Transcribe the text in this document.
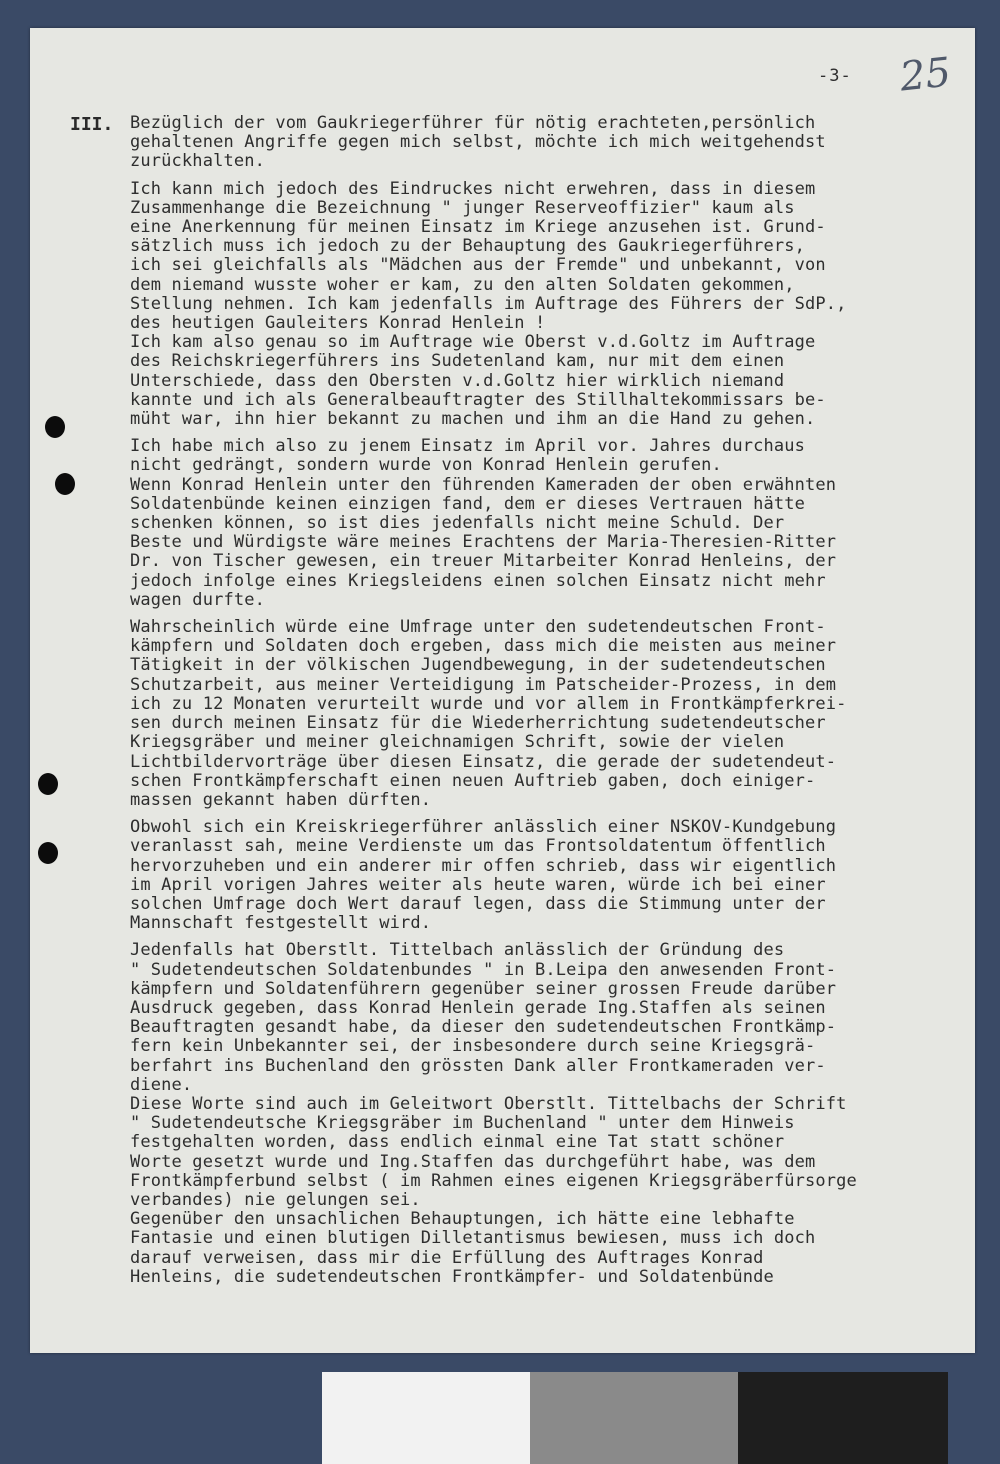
-3- 25
III. Bezüglich der vom Gaukriegerführer für nötig erachteten,persönlich
gehaltenen Angriffe gegen mich selbst, möchte ich mich weitgehendst
zurückhalten.
Ich kann mich jedoch des Eindruckes nicht erwehren, dass in diesem
Zusammenhange die Bezeichnung " junger Reserveoffizier" kaum als
eine Anerkennung für meinen Einsatz im Kriege anzusehen ist. Grund-
sätzlich muss ich jedoch zu der Behauptung des Gaukriegerführers,
ich sei gleichfalls als "Mädchen aus der Fremde" und unbekannt, von
dem niemand wusste woher er kam, zu den alten Soldaten gekommen,
Stellung nehmen. Ich kam jedenfalls im Auftrage des Führers der SdP.,
des heutigen Gauleiters Konrad Henlein !
Ich kam also genau so im Auftrage wie Oberst v.d.Goltz im Auftrage
des Reichskriegerführers ins Sudetenland kam, nur mit dem einen
Unterschiede, dass den Obersten v.d.Goltz hier wirklich niemand
kannte und ich als Generalbeauftragter des Stillhaltekommissars be-
müht war, ihn hier bekannt zu machen und ihm an die Hand zu gehen.
Ich habe mich also zu jenem Einsatz im April vor. Jahres durchaus
nicht gedrängt, sondern wurde von Konrad Henlein gerufen.
Wenn Konrad Henlein unter den führenden Kameraden der oben erwähnten
Soldatenbünde keinen einzigen fand, dem er dieses Vertrauen hätte
schenken können, so ist dies jedenfalls nicht meine Schuld. Der
Beste und Würdigste wäre meines Erachtens der Maria-Theresien-Ritter
Dr. von Tischer gewesen, ein treuer Mitarbeiter Konrad Henleins, der
jedoch infolge eines Kriegsleidens einen solchen Einsatz nicht mehr
wagen durfte.
Wahrscheinlich würde eine Umfrage unter den sudetendeutschen Front-
kämpfern und Soldaten doch ergeben, dass mich die meisten aus meiner
Tätigkeit in der völkischen Jugendbewegung, in der sudetendeutschen
Schutzarbeit, aus meiner Verteidigung im Patscheider-Prozess, in dem
ich zu 12 Monaten verurteilt wurde und vor allem in Frontkämpferkrei-
sen durch meinen Einsatz für die Wiederherrichtung sudetendeutscher
Kriegsgräber und meiner gleichnamigen Schrift, sowie der vielen
Lichtbildervorträge über diesen Einsatz, die gerade der sudetendeut-
schen Frontkämpferschaft einen neuen Auftrieb gaben, doch einiger-
massen gekannt haben dürften.
Obwohl sich ein Kreiskriegerführer anlässlich einer NSKOV-Kundgebung
veranlasst sah, meine Verdienste um das Frontsoldatentum öffentlich
hervorzuheben und ein anderer mir offen schrieb, dass wir eigentlich
im April vorigen Jahres weiter als heute waren, würde ich bei einer
solchen Umfrage doch Wert darauf legen, dass die Stimmung unter der
Mannschaft festgestellt wird.
Jedenfalls hat Oberstlt. Tittelbach anlässlich der Gründung des
" Sudetendeutschen Soldatenbundes " in B.Leipa den anwesenden Front-
kämpfern und Soldatenführern gegenüber seiner grossen Freude darüber
Ausdruck gegeben, dass Konrad Henlein gerade Ing.Staffen als seinen
Beauftragten gesandt habe, da dieser den sudetendeutschen Frontkämp-
fern kein Unbekannter sei, der insbesondere durch seine Kriegsgrä-
berfahrt ins Buchenland den grössten Dank aller Frontkameraden ver-
diene.
Diese Worte sind auch im Geleitwort Oberstlt. Tittelbachs der Schrift
" Sudetendeutsche Kriegsgräber im Buchenland " unter dem Hinweis
festgehalten worden, dass endlich einmal eine Tat statt schöner
Worte gesetzt wurde und Ing.Staffen das durchgeführt habe, was dem
Frontkämpferbund selbst ( im Rahmen eines eigenen Kriegsgräberfürsorge
verbandes) nie gelungen sei.
Gegenüber den unsachlichen Behauptungen, ich hätte eine lebhafte
Fantasie und einen blutigen Dilletantismus bewiesen, muss ich doch
darauf verweisen, dass mir die Erfüllung des Auftrages Konrad
Henleins, die sudetendeutschen Frontkämpfer- und Soldatenbünde
